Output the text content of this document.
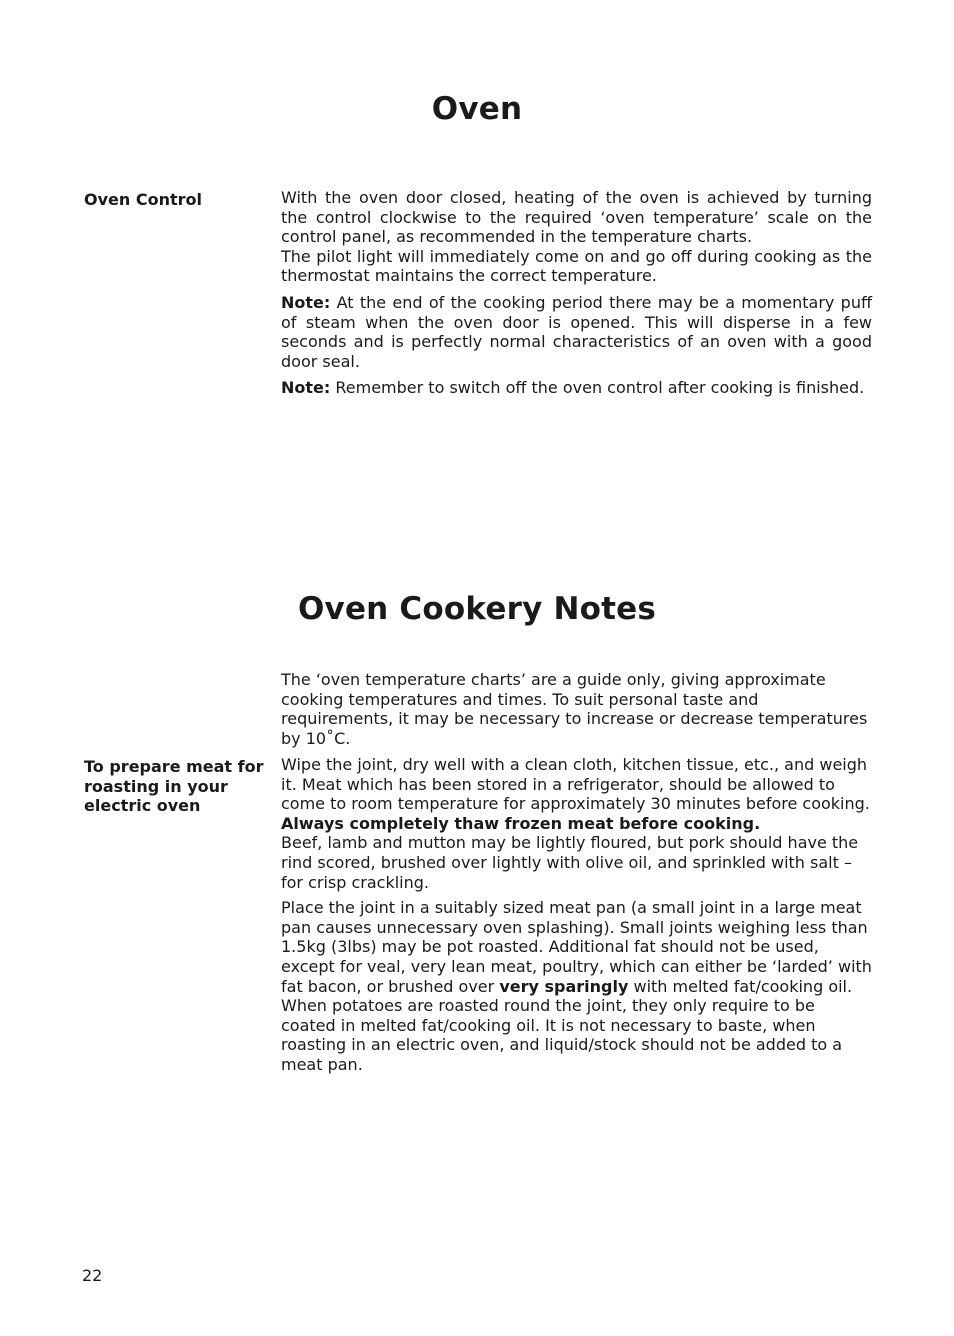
Oven
Oven Control	With the oven door closed, heating of the oven is achieved by turning the control clockwise to the required ‘oven temperature’ scale on the control panel, as recommended in the temperature charts.

The pilot light will immediately come on and go off during cooking as the thermostat maintains the correct temperature.

Note: At the end of the cooking period there may be a momentary puff of steam when the oven door is opened. This will disperse in a few seconds and is perfectly normal characteristics of an oven with a good door seal.

Note: Remember to switch off the oven control after cooking is finished.

Oven Cookery Notes

The ‘oven temperature charts’ are a guide only, giving approximate cooking temperatures and times. To suit personal taste and requirements, it may be necessary to increase or decrease temperatures by 10˚C.

To prepare meat for roasting in your electric oven

Wipe the joint, dry well with a clean cloth, kitchen tissue, etc., and weigh it. Meat which has been stored in a refrigerator, should be allowed to come to room temperature for approximately 30 minutes before cooking.

Always completely thaw frozen meat before cooking.

Beef, lamb and mutton may be lightly floured, but pork should have the rind scored, brushed over lightly with olive oil, and sprinkled with salt – for crisp crackling.

Place the joint in a suitably sized meat pan (a small joint in a large meat pan causes unnecessary oven splashing). Small joints weighing less than 1.5kg (3lbs) may be pot roasted. Additional fat should not be used, except for veal, very lean meat, poultry, which can either be ‘larded’ with fat bacon, or brushed over very sparingly with melted fat/cooking oil. When potatoes are roasted round the joint, they only require to be coated in melted fat/cooking oil. It is not necessary to baste, when roasting in an electric oven, and liquid/stock should not be added to a meat pan.

22
